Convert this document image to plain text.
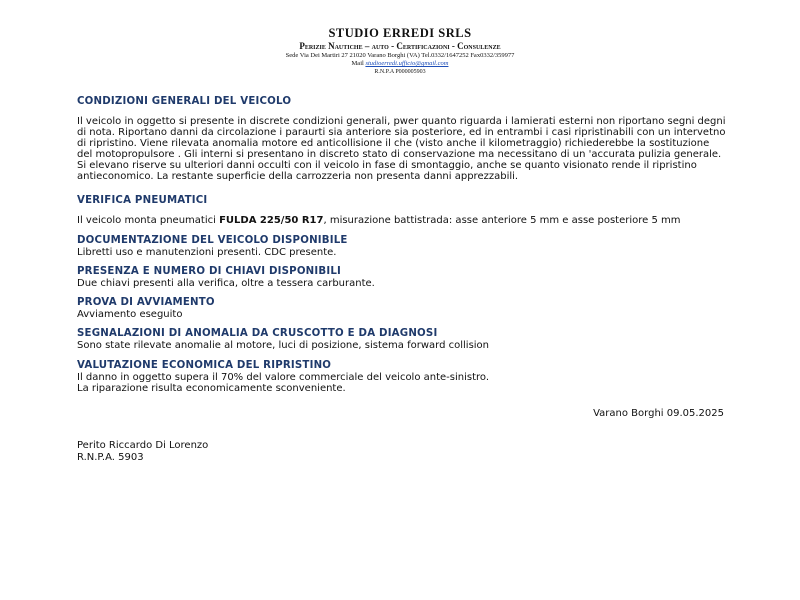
STUDIO ERREDI SRLS
Perizie Nautiche – auto - Certificazioni - Consulenze
Sede Via Dei Martiri 27 21020 Varano Borghi (VA) Tel.0332/1647252 Fax0332/359977
Mail studioerredi.ufficio@gmail.com
R.N.P.A P000005903
CONDIZIONI GENERALI DEL VEICOLO

Il veicolo in oggetto si presente in discrete condizioni generali, pwer quanto riguarda i lamierati esterni non riportano segni degni di nota. Riportano danni da circolazione i paraurti sia anteriore sia posteriore, ed in entrambi i casi ripristinabili con un intervetno di ripristino. Viene rilevata anomalia motore ed anticollisione il che (visto anche il kilometraggio) richiederebbe la sostituzione del motopropulsore . Gli interni si presentano in discreto stato di conservazione ma necessitano di un 'accurata pulizia generale. Si elevano riserve su ulteriori danni occulti con il veicolo in fase di smontaggio, anche se quanto visionato rende il ripristino antieconomico. La restante superficie della carrozzeria non presenta danni apprezzabili.

VERIFICA PNEUMATICI

Il veicolo monta pneumatici FULDA 225/50 R17, misurazione battistrada: asse anteriore 5 mm e asse posteriore 5 mm

DOCUMENTAZIONE DEL VEICOLO DISPONIBILE

Libretti uso e manutenzioni presenti. CDC presente.

PRESENZA E NUMERO DI CHIAVI DISPONIBILI

Due chiavi presenti alla verifica, oltre a tessera carburante.

PROVA DI AVVIAMENTO

Avviamento eseguito

SEGNALAZIONI DI ANOMALIA DA CRUSCOTTO E DA DIAGNOSI

Sono state rilevate anomalie al motore, luci di posizione, sistema forward collision

VALUTAZIONE ECONOMICA DEL RIPRISTINO

Il danno in oggetto supera il 70% del valore commerciale del veicolo ante-sinistro.

La riparazione risulta economicamente sconveniente.

Varano Borghi 09.05.2025
Perito Riccardo Di Lorenzo
R.N.P.A. 5903
